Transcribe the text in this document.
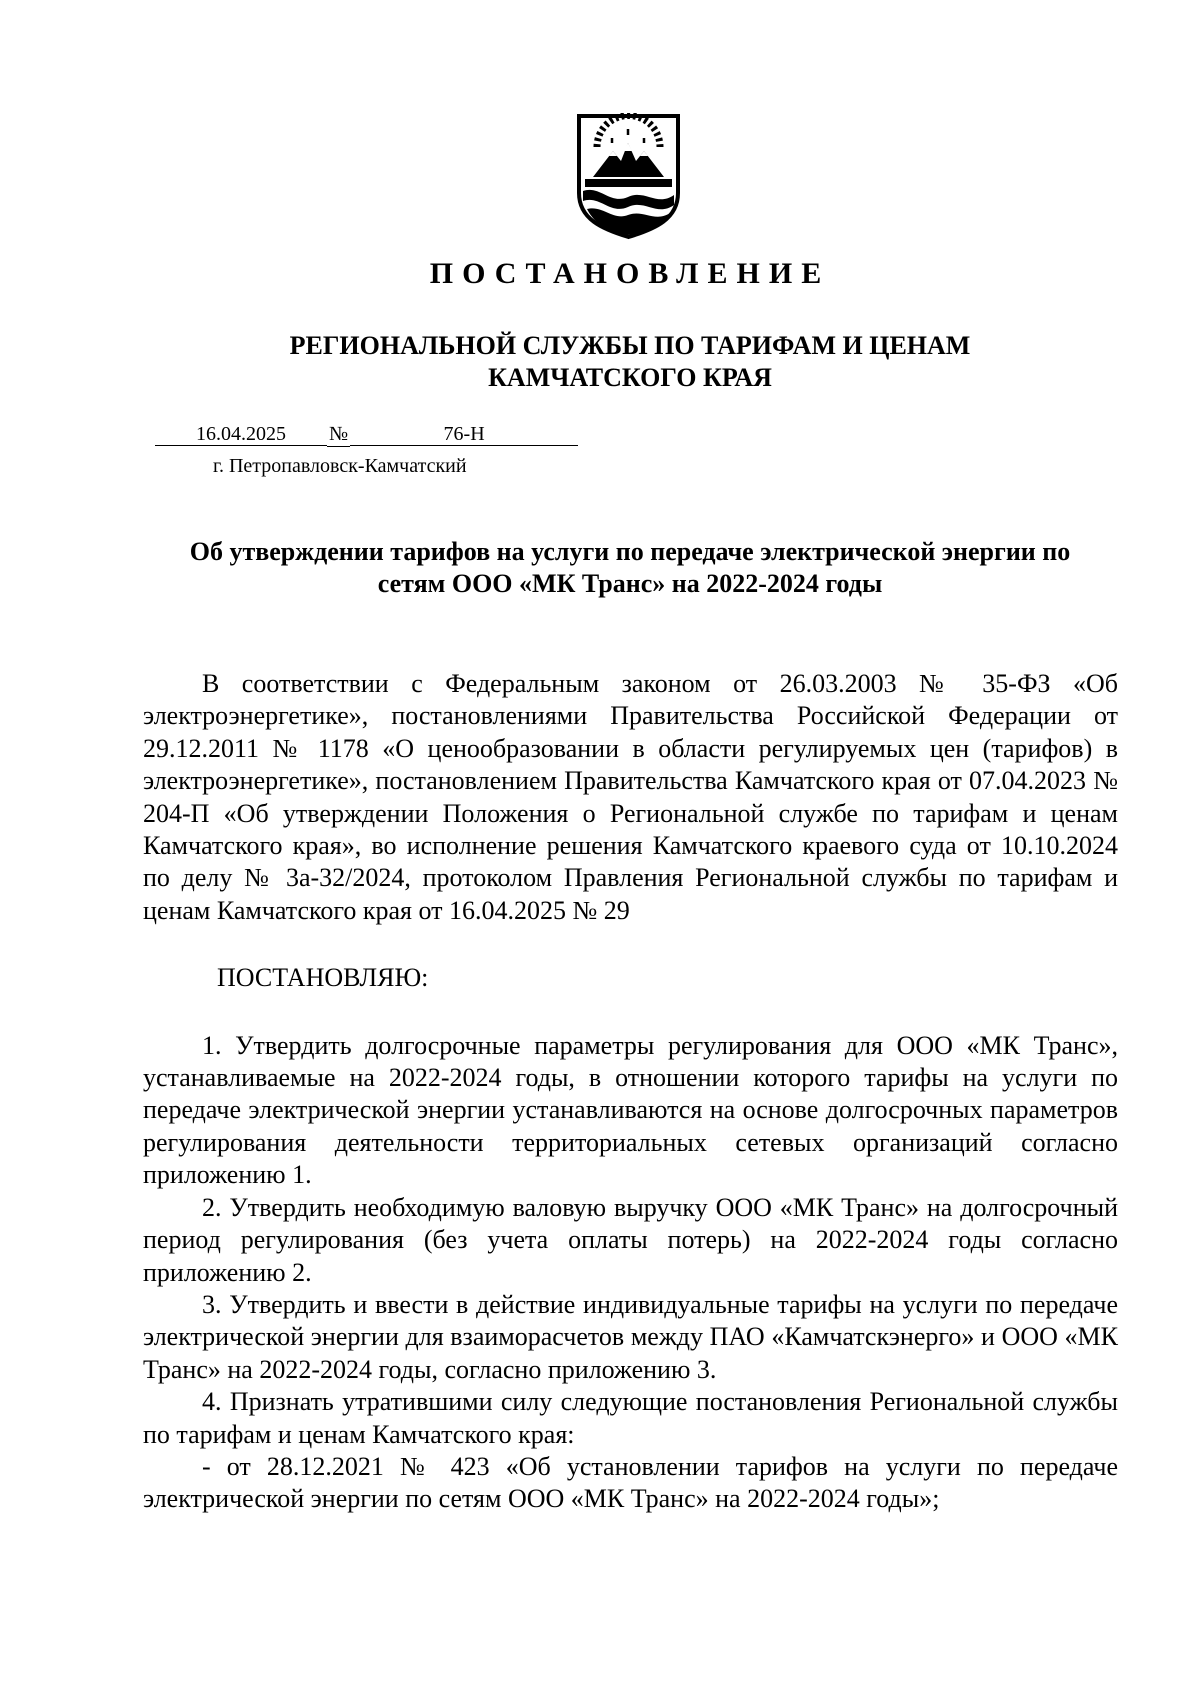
ПОСТАНОВЛЕНИЕ
РЕГИОНАЛЬНОЙ СЛУЖБЫ ПО ТАРИФАМ И ЦЕНАМ
КАМЧАТСКОГО КРАЯ
16.04.2025 №	76-Н
г. Петропавловск-Камчатский
Об утверждении тарифов на услуги по передаче электрической энергии по
сетям ООО «МК Транс» на 2022-2024 годы

В соответствии с Федеральным законом от 26.03.2003 № 35-ФЗ «Об электроэнергетике», постановлениями Правительства Российской Федерации от 29.12.2011 № 1178 «О ценообразовании в области регулируемых цен (тарифов) в электроэнергетике», постановлением Правительства Камчатского края от 07.04.2023 № 204-П «Об утверждении Положения о Региональной службе по тарифам и ценам Камчатского края», во исполнение решения Камчатского краевого суда от 10.10.2024 по делу № 3а-32/2024, протоколом Правления Региональной службы по тарифам и ценам Камчатского края от 16.04.2025 № 29

ПОСТАНОВЛЯЮ:

1. Утвердить долгосрочные параметры регулирования для ООО «МК Транс», устанавливаемые на 2022-2024 годы, в отношении которого тарифы на услуги по передаче электрической энергии устанавливаются на основе долгосрочных параметров регулирования деятельности территориальных сетевых организаций согласно приложению 1.

2. Утвердить необходимую валовую выручку ООО «МК Транс» на долгосрочный период регулирования (без учета оплаты потерь) на 2022-2024 годы согласно приложению 2.

3. Утвердить и ввести в действие индивидуальные тарифы на услуги по передаче электрической энергии для взаиморасчетов между ПАО «Камчатскэнерго» и ООО «МК Транс» на 2022-2024 годы, согласно приложению 3.

4. Признать утратившими силу следующие постановления Региональной службы по тарифам и ценам Камчатского края:

- от 28.12.2021 № 423 «Об установлении тарифов на услуги по передаче электрической энергии по сетям ООО «МК Транс» на 2022-2024 годы»;
